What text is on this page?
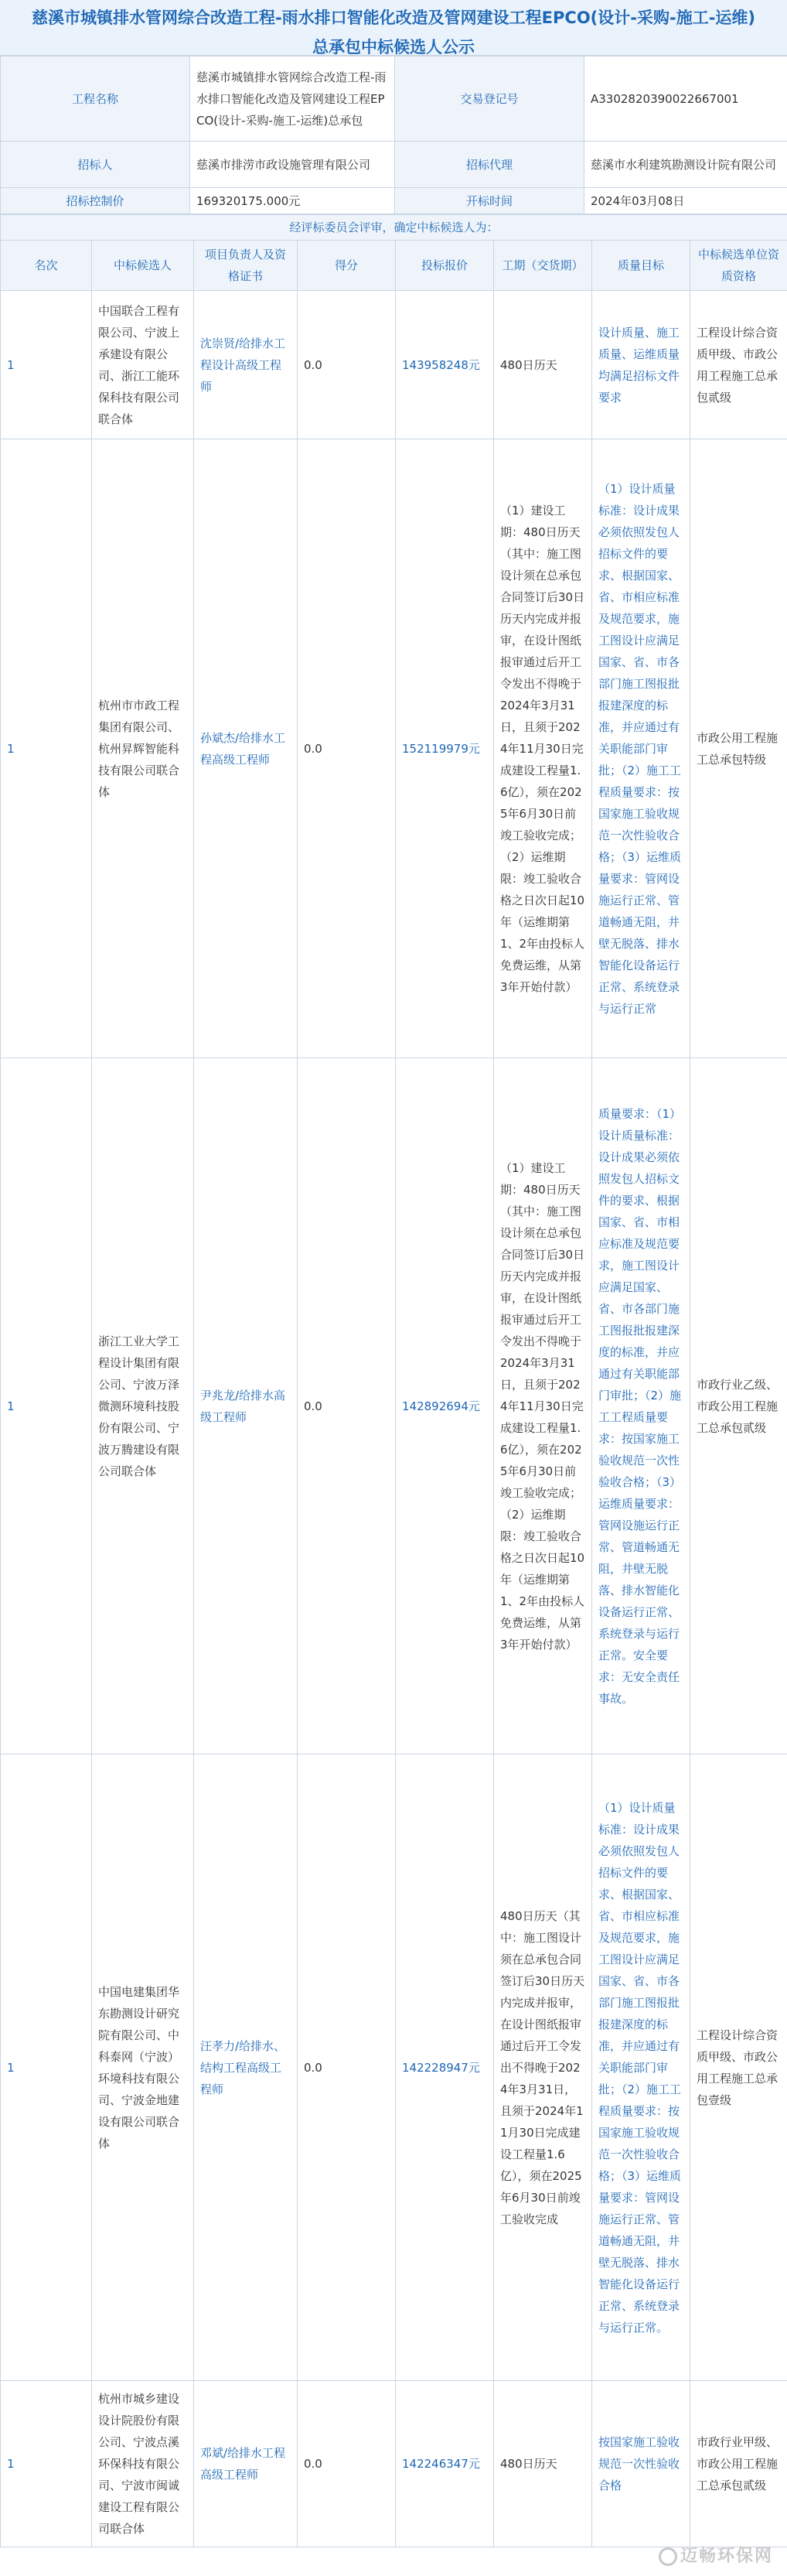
慈溪市城镇排水管网综合改造工程-雨水排口智能化改造及管网建设工程EPCO(设计-采购-施工-运维)总承包中标候选人公示
工程名称	慈溪市城镇排水管网综合改造工程-雨水排口智能化改造及管网建设工程EPCO(设计-采购-施工-运维)总承包	交易登记号	A3302820390022667001
招标人	慈溪市排涝市政设施管理有限公司	招标代理	慈溪市水利建筑勘测设计院有限公司
招标控制价	169320175.000元	开标时间	2024年03月08日
经评标委员会评审，确定中标候选人为：							
名次	中标候选人	项目负责人及资格证书	得分	投标报价	工期（交货期）	质量目标	中标候选单位资质资格
1	中国联合工程有限公司、宁波上承建设有限公司、浙江工能环保科技有限公司联合体	沈崇贤/给排水工程设计高级工程师	0.0	143958248元	480日历天	设计质量、施工质量、运维质量均满足招标文件要求	工程设计综合资质甲级、市政公用工程施工总承包贰级
1	杭州市市政工程集团有限公司、杭州昇辉智能科技有限公司联合体	孙斌杰/给排水工程高级工程师	0.0	152119979元	（1）建设工期：480日历天（其中：施工图设计须在总承包合同签订后30日历天内完成并报审，在设计图纸报审通过后开工令发出不得晚于2024年3月31日，且须于2024年11月30日完成建设工程量1.6亿），须在2025年6月30日前竣工验收完成；（2）运维期限：竣工验收合格之日次日起10年（运维期第1、2年由投标人免费运维，从第3年开始付款）	（1）设计质量标准：设计成果必须依照发包人招标文件的要求、根据国家、省、市相应标准及规范要求，施工图设计应满足国家、省、市各部门施工图报批报建深度的标准，并应通过有关职能部门审批；（2）施工工程质量要求：按国家施工验收规范一次性验收合格；（3）运维质量要求：管网设施运行正常、管道畅通无阻，井壁无脱落、排水智能化设备运行正常、系统登录与运行正常	市政公用工程施工总承包特级
1	浙江工业大学工程设计集团有限公司、宁波万泽微测环境科技股份有限公司、宁波万腾建设有限公司联合体	尹兆龙/给排水高级工程师	0.0	142892694元	（1）建设工期：480日历天（其中：施工图设计须在总承包合同签订后30日历天内完成并报审，在设计图纸报审通过后开工令发出不得晚于2024年3月31日，且须于2024年11月30日完成建设工程量1.6亿），须在2025年6月30日前竣工验收完成；（2）运维期限：竣工验收合格之日次日起10年（运维期第1、2年由投标人免费运维，从第3年开始付款）	质量要求：（1）设计质量标准：设计成果必须依照发包人招标文件的要求、根据国家、省、市相应标准及规范要求，施工图设计应满足国家、省、市各部门施工图报批报建深度的标准，并应通过有关职能部门审批；（2）施工工程质量要求：按国家施工验收规范一次性验收合格；（3）运维质量要求：管网设施运行正常、管道畅通无阻，井壁无脱落、排水智能化设备运行正常、系统登录与运行正常。安全要求：无安全责任事故。	市政行业乙级、市政公用工程施工总承包贰级
1	中国电建集团华东勘测设计研究院有限公司、中科泰网（宁波）环境科技有限公司、宁波金地建设有限公司联合体	汪孝力/给排水、结构工程高级工程师	0.0	142228947元	480日历天（其中：施工图设计须在总承包合同签订后30日历天内完成并报审，在设计图纸报审通过后开工令发出不得晚于2024年3月31日，且须于2024年11月30日完成建设工程量1.6亿），须在2025年6月30日前竣工验收完成	（1）设计质量标准：设计成果必须依照发包人招标文件的要求、根据国家、省、市相应标准及规范要求，施工图设计应满足国家、省、市各部门施工图报批报建深度的标准，并应通过有关职能部门审批；（2）施工工程质量要求：按国家施工验收规范一次性验收合格；（3）运维质量要求：管网设施运行正常、管道畅通无阻，井壁无脱落、排水智能化设备运行正常、系统登录与运行正常。	工程设计综合资质甲级、市政公用工程施工总承包壹级
1	杭州市城乡建设设计院股份有限公司、宁波点溪环保科技有限公司、宁波市闽诚建设工程有限公司联合体	邓斌/给排水工程高级工程师	0.0	142246347元	480日历天	按国家施工验收规范一次性验收合格	市政行业甲级、市政公用工程施工总承包贰级
迈畅环保网
